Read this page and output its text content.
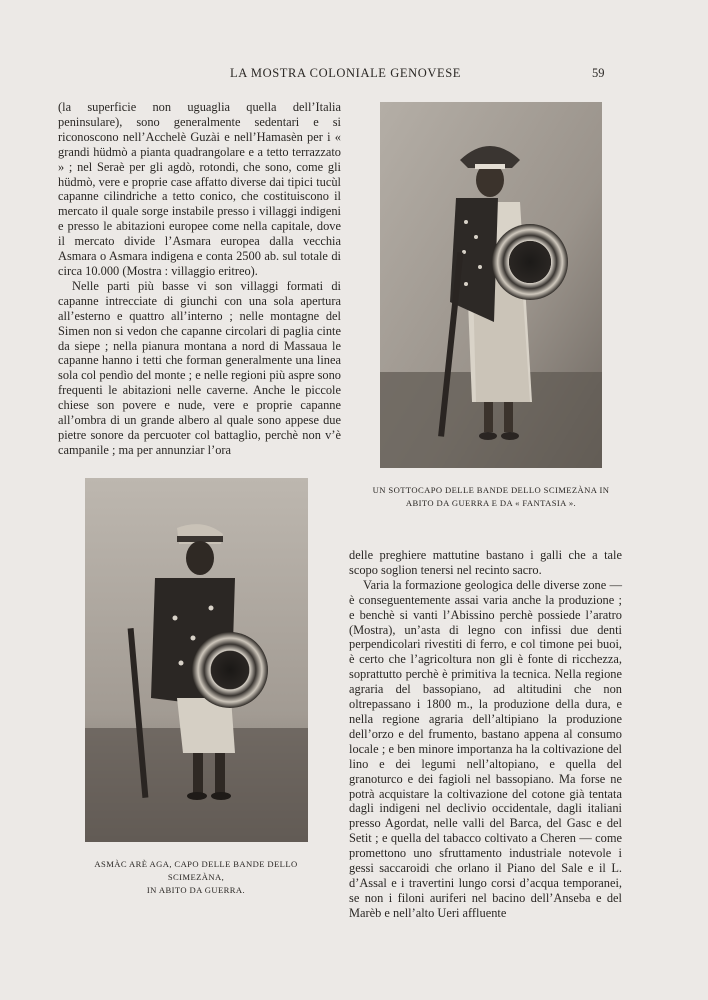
LA MOSTRA COLONIALE GENOVESE	59

(la superficie non uguaglia quella dell’Italia peninsulare), sono generalmente sedentari e si riconoscono nell’Acchelè Guzài e nell’Hamasèn per i « grandi hüdmò a pianta quadrangolare e a tetto terrazzato » ; nel Seraè per gli agdò, rotondi, che sono, come gli hüdmò, vere e proprie case affatto diverse dai tipici tucùl capanne cilindriche a tetto conico, che costituiscono il mercato il quale sorge instabile presso i villaggi indigeni e presso le abitazioni europee come nella capitale, dove il mercato divide l’Asmara europea dalla vecchia Asmara o Asmara indigena e conta 2500 ab. sul totale di circa 10.000 (Mostra : villaggio eritreo).

Nelle parti più basse vi son villaggi formati di capanne intrecciate di giunchi con una sola apertura all’esterno e quattro all’interno ; nelle montagne del Simen non si vedon che capanne circolari di paglia cinte da siepe ; nella pianura montana a nord di Massaua le capanne hanno i tetti che forman generalmente una linea sola col pendìo del monte ; e nelle regioni più aspre sono frequenti le abitazioni nelle caverne. Anche le piccole chiese son povere e nude, vere e proprie capanne all’ombra di un grande albero al quale sono appese due pietre sonore da percuoter col battaglio, perchè non v’è campanile ; ma per annunziar l’ora

UN SOTTOCAPO DELLE BANDE DELLO SCIMEZÀNA IN
ABITO DA GUERRA E DA « FANTASIA ».
ASMÀC ARÈ AGA, CAPO DELLE BANDE DELLO SCIMEZÀNA,
IN ABITO DA GUERRA.

delle preghiere mattutine bastano i galli che a tale scopo soglion tenersi nel recinto sacro.

Varia la formazione geologica delle diverse zone — è conseguentemente assai varia anche la produzione ; e benchè si vanti l’Abissino perchè possiede l’aratro (Mostra), un’asta di legno con infissi due denti perpendicolari rivestiti di ferro, e col timone pei buoi, è certo che l’agricoltura non gli è fonte di ricchezza, soprattutto perchè è primitiva la tecnica. Nella regione agraria del bassopiano, ad altitudini che non oltrepassano i 1800 m., la produzione della dura, e nella regione agraria dell’altipiano la produzione dell’orzo e del frumento, bastano appena al consumo locale ; e ben minore importanza ha la coltivazione del lino e dei legumi nell’altopiano, e quella del granoturco e dei fagioli nel bassopiano. Ma forse ne potrà acquistare la coltivazione del cotone già tentata dagli indigeni nel declivio occidentale, dagli italiani presso Agordat, nelle valli del Barca, del Gasc e del Setit ; e quella del tabacco coltivato a Cheren — come promettono uno sfruttamento industriale notevole i gessi saccaroidi che orlano il Piano del Sale e il L. d’Assal e i travertini lungo corsi d’acqua temporanei, se non i filoni auriferi nel bacino dell’Anseba e del Marèb e nell’alto Ueri affluente
